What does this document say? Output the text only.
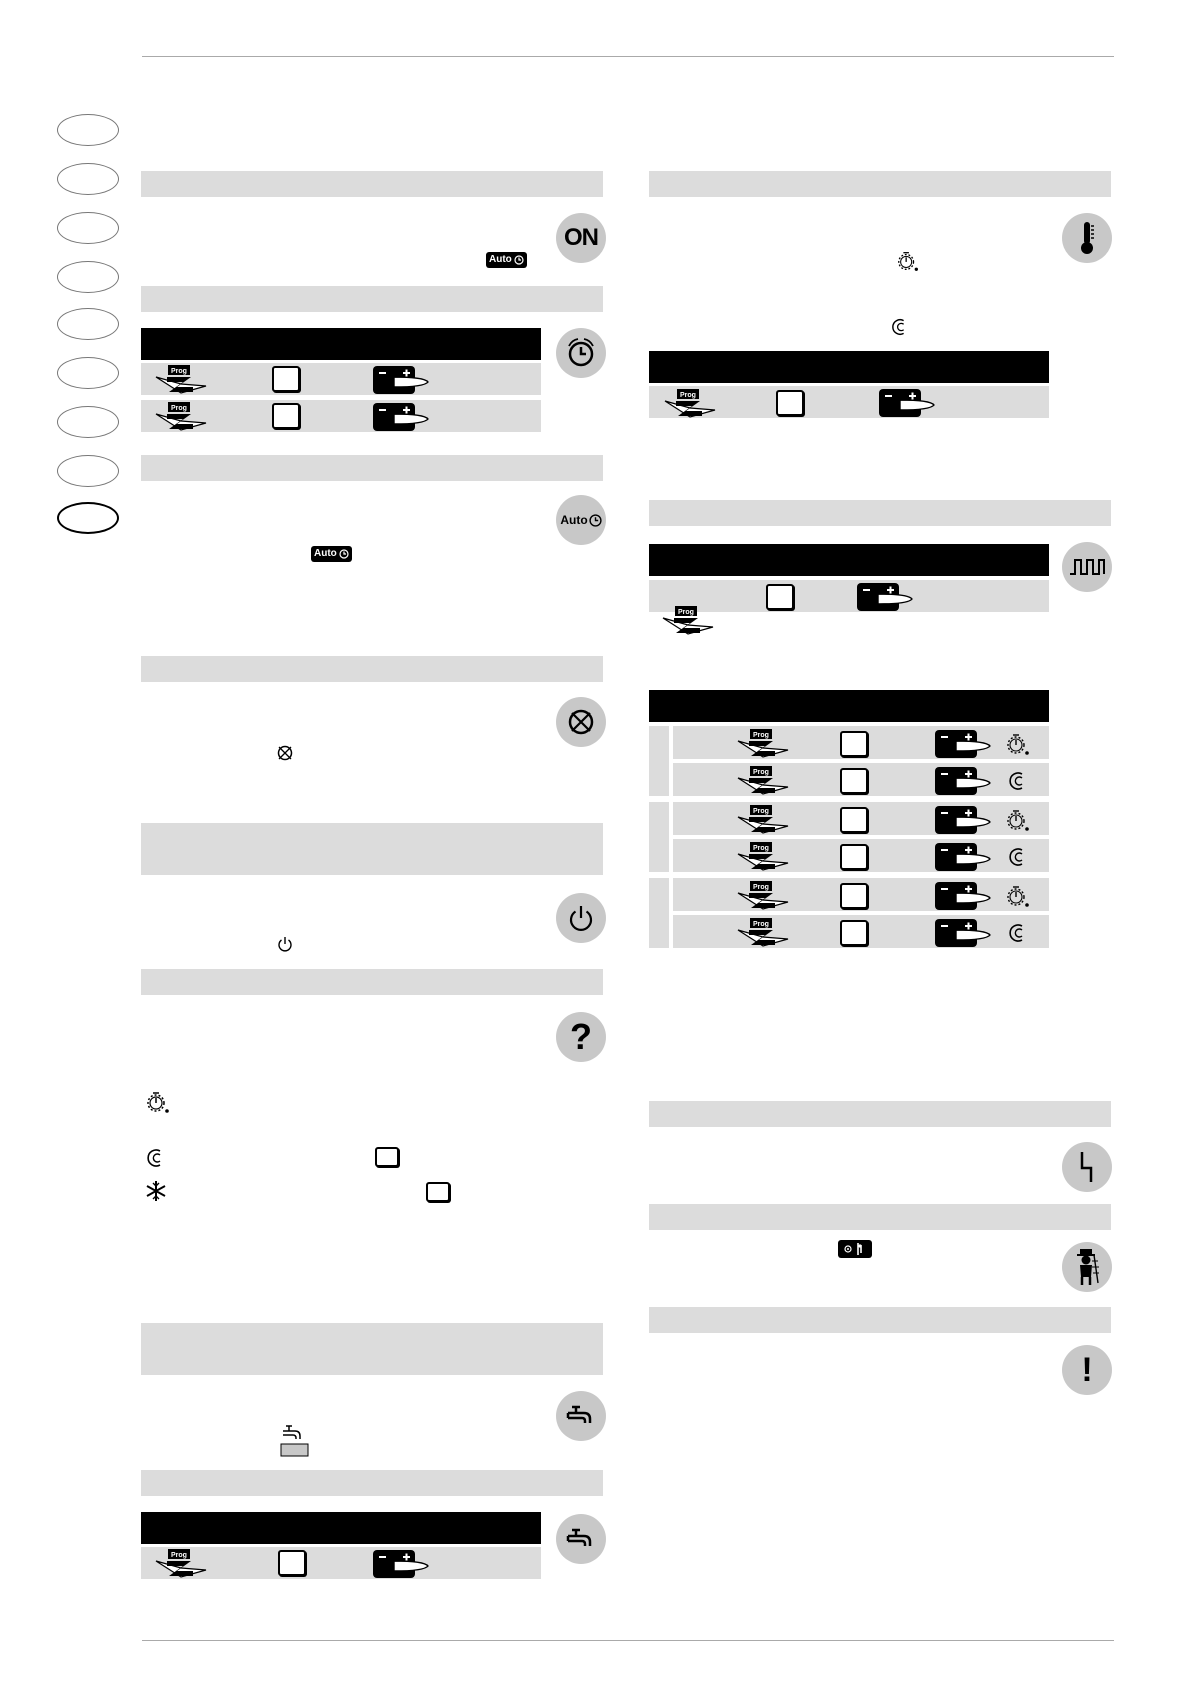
ON
Auto
Auto
Auto
?
!
Prog
Prog
Prog
Prog
Prog
Prog
Prog
Prog
Prog
Prog
Prog
